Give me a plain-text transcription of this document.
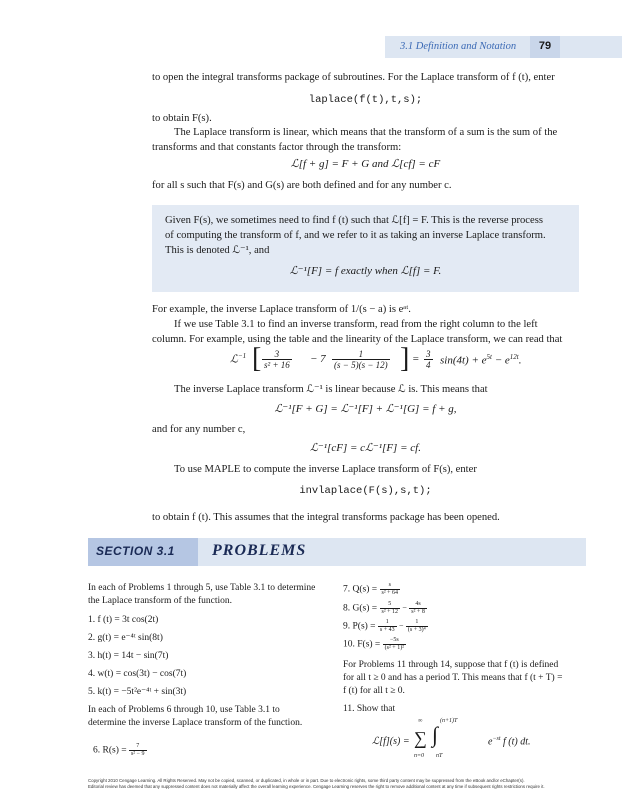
3.1 Definition and Notation	79
to open the integral transforms package of subroutines. For the Laplace transform of f (t), enter
laplace(f(t),t,s);
to obtain F(s).
The Laplace transform is linear, which means that the transform of a sum is the sum of the
transforms and that constants factor through the transform:
ℒ[f + g] = F + G and ℒ[cf] = cF
for all s such that F(s) and G(s) are both defined and for any number c.
Given F(s), we sometimes need to find f (t) such that ℒ[f] = F. This is the reverse process
of computing the transform of f, and we refer to it as taking an inverse Laplace transform.
This is denoted ℒ⁻¹, and
ℒ⁻¹[F] = f exactly when ℒ[f] = F.
For example, the inverse Laplace transform of 1/(s − a) is eᵃᵗ.
If we use Table 3.1 to find an inverse transform, read from the right column to the left
column. For example, using the table and the linearity of the Laplace transform, we can read that
ℒ$^{-1}$ [ $\frac{3}{\text{s² + 16}} - 7 \frac{1}{(s - 5)(s - 12)}$ ] = $\frac{3}{4} \sin(4t) + e^{5t} - e^{12t}$.
The inverse Laplace transform ℒ⁻¹ is linear because ℒ is. This means that
ℒ⁻¹[F + G] = ℒ⁻¹[F] + ℒ⁻¹[G] = f + g,
and for any number c,
ℒ⁻¹[cF] = cℒ⁻¹[F] = cf.
To use MAPLE to compute the inverse Laplace transform of F(s), enter
invlaplace(F(s),s,t);
to obtain f (t). This assumes that the integral transforms package has been opened.
SECTION 3.1 PROBLEMS
In each of Problems 1 through 5, use Table 3.1 to determine
the Laplace transform of the function.
1. f (t) = 3t cos(2t)
2. g(t) = e⁻⁴ᵗ sin(8t)
3. h(t) = 14t − sin(7t)
4. w(t) = cos(3t) − cos(7t)
5. k(t) = −5t²e⁻⁴ᵗ + sin(3t)
In each of Problems 6 through 10, use Table 3.1 to
determine the inverse Laplace transform of the function.
6. $R(s) = \frac{7}{\text{s² − 9}}$
7. $Q(s) = \frac{s}{\text{s² + 64}}$
8. $G(s) = \frac{5}{\text{s² + 12}} - \frac{4s}{\text{s² + 8}}$
9. $P(s) = \frac{1}{s + 43} - \frac{1}{\text{(s + 3)⁴}}$
10. $F(s) = \frac{-5s}{\text{(s² + 1)²}}$
For Problems 11 through 14, suppose that f (t) is defined
for all t ≥ 0 and has a period T. This means that f (t + T) =
f (t) for all t ≥ 0.
11. Show that
ℒ[f](s) =
∞
∑
n=0
∫
(n+1)T
nT
$e^{-st}$ f (t) dt.
Copyright 2010 Cengage Learning. All Rights Reserved. May not be copied, scanned, or duplicated, in whole or in part. Due to electronic rights, some third party content may be suppressed from the eBook and/or eChapter(s).
Editorial review has deemed that any suppressed content does not materially affect the overall learning experience. Cengage Learning reserves the right to remove additional content at any time if subsequent rights restrictions require it.
